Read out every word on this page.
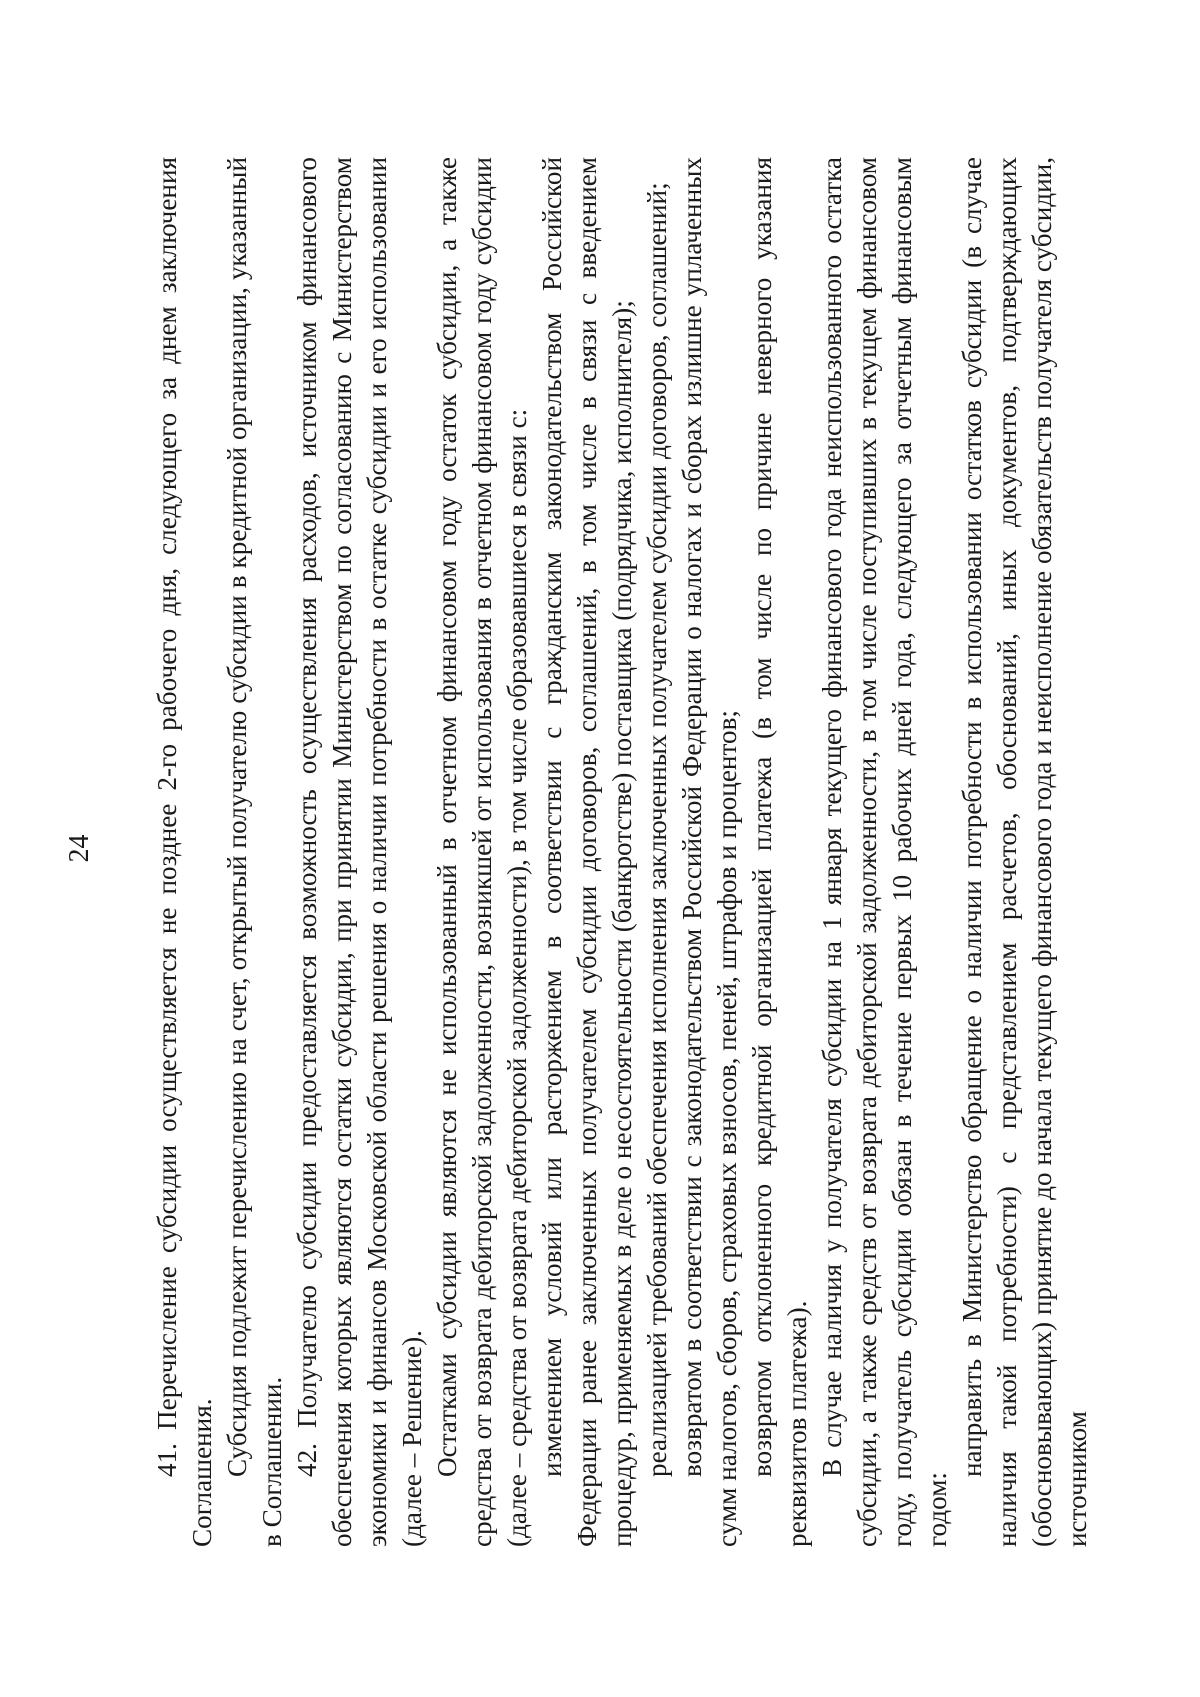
24 41. Перечисление субсидии осуществляется не позднее 2-го рабочего дня, следующего за днем заключения Соглашения. Субсидия подлежит перечислению на счет, открытый получателю субсидии в кредитной организации, указанный в Соглашении. 42. Получателю субсидии предоставляется возможность осуществления расходов, источником финансового обеспечения которых являются остатки субсидии, при принятии Министерством по согласованию с Министерством экономики и финансов Московской области решения о наличии потребности в остатке субсидии и его использовании (далее – Решение). Остатками субсидии являются не использованный в отчетном финансовом году остаток субсидии, а также средства от возврата дебиторской задолженности, возникшей от использования в отчетном финансовом году субсидии (далее – средства от возврата дебиторской задолженности), в том числе образовавшиеся в связи с: изменением условий или расторжением в соответствии с гражданским законодательством Российской Федерации ранее заключенных получателем субсидии договоров, соглашений, в том числе в связи с введением процедур, применяемых в деле о несостоятельности (банкротстве) поставщика (подрядчика, исполнителя); реализацией требований обеспечения исполнения заключенных получателем субсидии договоров, соглашений; возвратом в соответствии с законодательством Российской Федерации о налогах и сборах излишне уплаченных сумм налогов, сборов, страховых взносов, пеней, штрафов и процентов; возвратом отклоненного кредитной организацией платежа (в том числе по причине неверного указания реквизитов платежа). В случае наличия у получателя субсидии на 1 января текущего финансового года неиспользованного остатка субсидии, а также средств от возврата дебиторской задолженности, в том числе поступивших в текущем финансовом году, получатель субсидии обязан в течение первых 10 рабочих дней года, следующего за отчетным финансовым годом:

направить в Министерство обращение о наличии потребности в использовании остатков субсидии (в случае наличия такой потребности) с представлением расчетов, обоснований, иных документов, подтверждающих (обосновывающих) принятие до начала текущего финансового года и неисполнение обязательств получателя субсидии, источником
